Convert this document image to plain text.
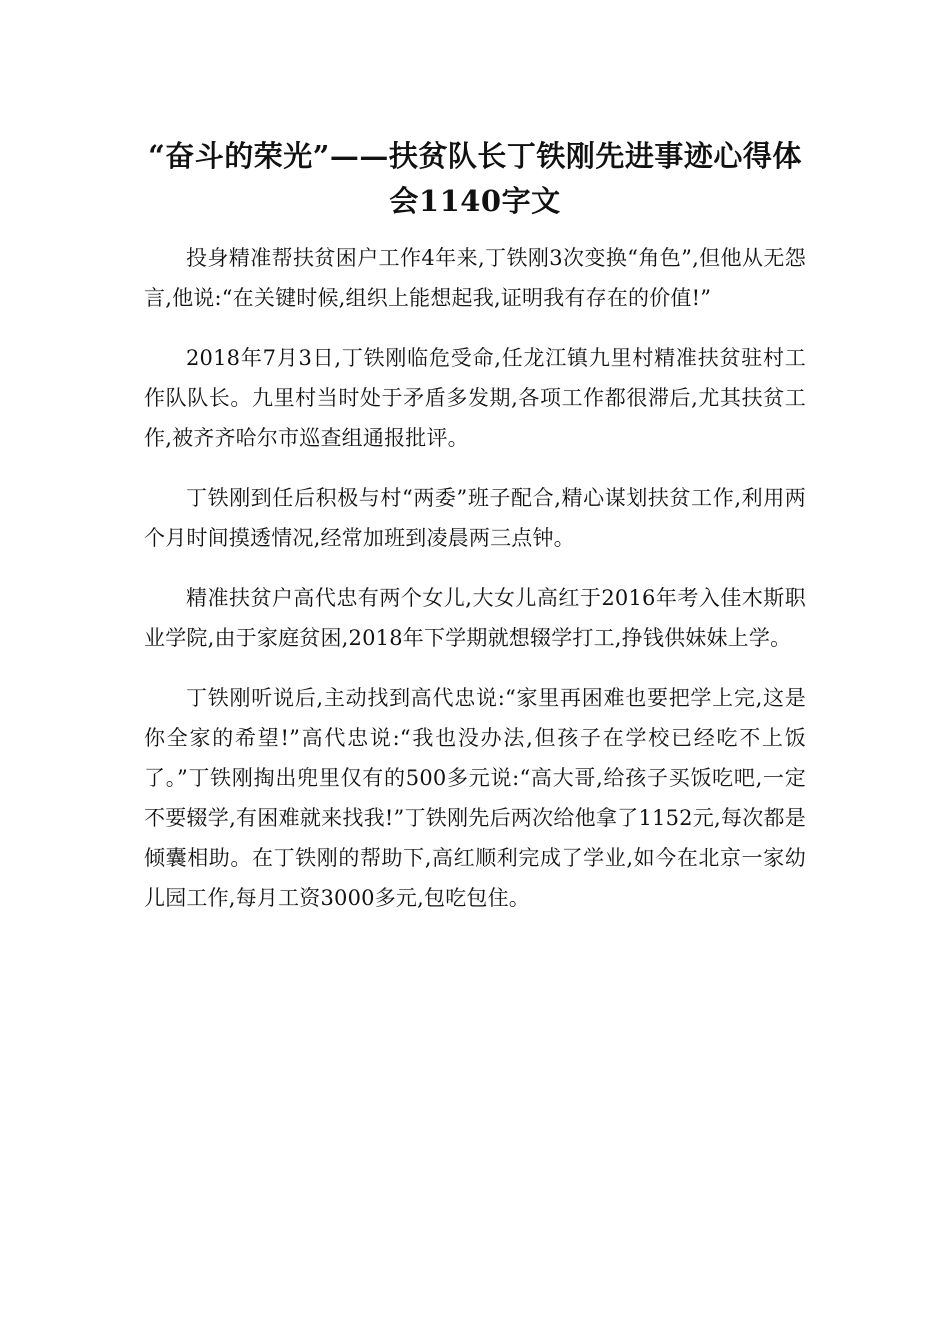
“奋斗的荣光”——扶贫队长丁铁刚先进事迹心得体
会1140字文

投身精准帮扶贫困户工作4年来,丁铁刚3次变换“角色”,但他从无怨言,他说:“在关键时候,组织上能想起我,证明我有存在的价值!”

2018年7月3日,丁铁刚临危受命,任龙江镇九里村精准扶贫驻村工作队队长。九里村当时处于矛盾多发期,各项工作都很滞后,尤其扶贫工作,被齐齐哈尔市巡查组通报批评。

丁铁刚到任后积极与村“两委”班子配合,精心谋划扶贫工作,利用两个月时间摸透情况,经常加班到凌晨两三点钟。

精准扶贫户高代忠有两个女儿,大女儿高红于2016年考入佳木斯职业学院,由于家庭贫困,2018年下学期就想辍学打工,挣钱供妹妹上学。

丁铁刚听说后,主动找到高代忠说:“家里再困难也要把学上完,这是你全家的希望!”高代忠说:“我也没办法,但孩子在学校已经吃不上饭了。”丁铁刚掏出兜里仅有的500多元说:“高大哥,给孩子买饭吃吧,一定不要辍学,有困难就来找我!”丁铁刚先后两次给他拿了1152元,每次都是倾囊相助。在丁铁刚的帮助下,高红顺利完成了学业,如今在北京一家幼儿园工作,每月工资3000多元,包吃包住。
